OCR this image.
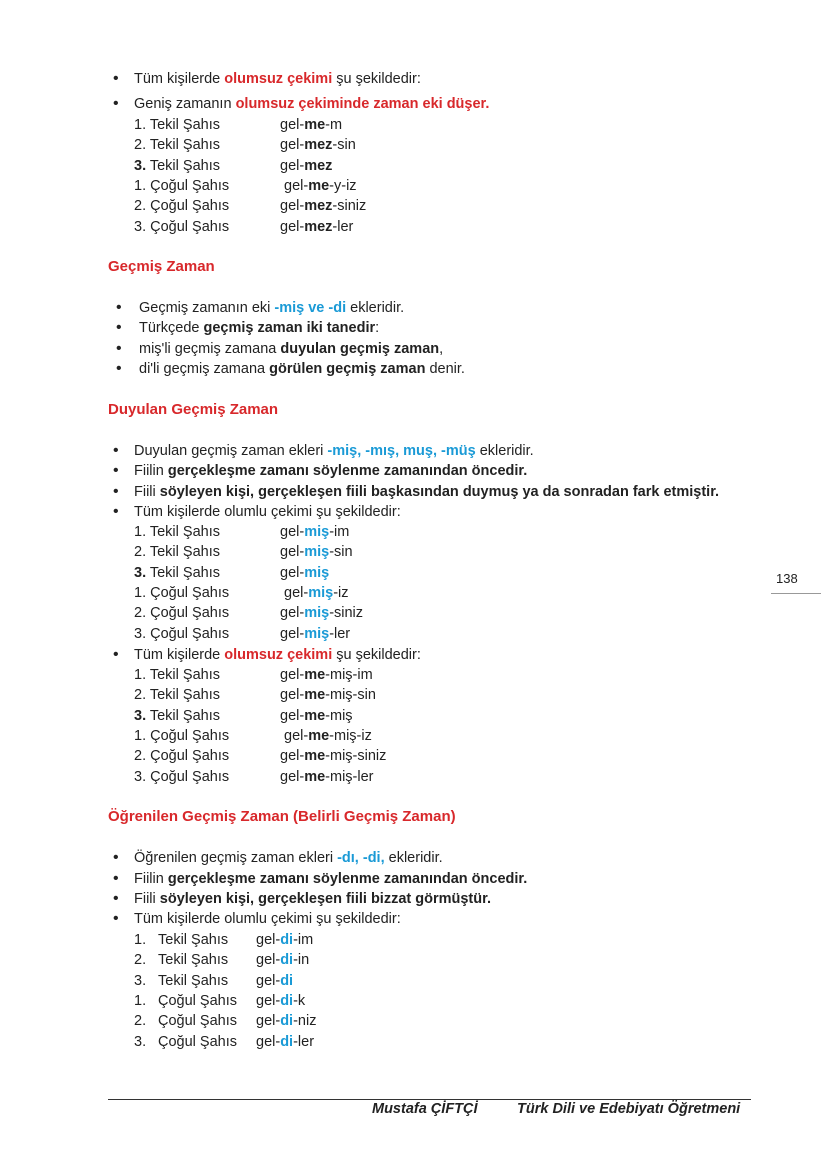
• Tüm kişilerde olumsuz çekimi şu şekildedir:
• Geniş zamanın olumsuz çekiminde zaman eki düşer.
1. Tekil Şahıs	gel-me-m
2. Tekil Şahıs	gel-mez-sin
3. Tekil Şahıs	gel-mez
1. Çoğul Şahıs	gel-me-y-iz
2. Çoğul Şahıs	gel-mez-siniz
3. Çoğul Şahıs	gel-mez-ler
Geçmiş Zaman
• Geçmiş zamanın eki -miş ve -di ekleridir.
• Türkçede geçmiş zaman iki tanedir:
• miş'li geçmiş zamana duyulan geçmiş zaman,
• di'li geçmiş zamana görülen geçmiş zaman denir.
Duyulan Geçmiş Zaman
• Duyulan geçmiş zaman ekleri -miş, -mış, muş, -müş ekleridir.
• Fiilin gerçekleşme zamanı söylenme zamanından öncedir.
• Fiili söyleyen kişi, gerçekleşen fiili başkasından duymuş ya da sonradan fark etmiştir.
• Tüm kişilerde olumlu çekimi şu şekildedir:
1. Tekil Şahıs	gel-miş-im
2. Tekil Şahıs	gel-miş-sin
3. Tekil Şahıs	gel-miş
1. Çoğul Şahıs	gel-miş-iz
2. Çoğul Şahıs	gel-miş-siniz
3. Çoğul Şahıs	gel-miş-ler
• Tüm kişilerde olumsuz çekimi şu şekildedir:
1. Tekil Şahıs	gel-me-miş-im
2. Tekil Şahıs	gel-me-miş-sin
3. Tekil Şahıs	gel-me-miş
1. Çoğul Şahıs	gel-me-miş-iz
2. Çoğul Şahıs	gel-me-miş-siniz
3. Çoğul Şahıs	gel-me-miş-ler
Öğrenilen Geçmiş Zaman (Belirli Geçmiş Zaman)
• Öğrenilen geçmiş zaman ekleri -dı, -di, ekleridir.
• Fiilin gerçekleşme zamanı söylenme zamanından öncedir.
• Fiili söyleyen kişi, gerçekleşen fiili bizzat görmüştür.
• Tüm kişilerde olumlu çekimi şu şekildedir:
1. Tekil Şahıs gel-di-im
2. Tekil Şahıs gel-di-in
3. Tekil Şahıs gel-di
1. Çoğul Şahıs gel-di-k
2. Çoğul Şahıs gel-di-niz
3. Çoğul Şahıs gel-di-ler
138
Mustafa ÇİFTÇİ	Türk Dili ve Edebiyatı Öğretmeni
